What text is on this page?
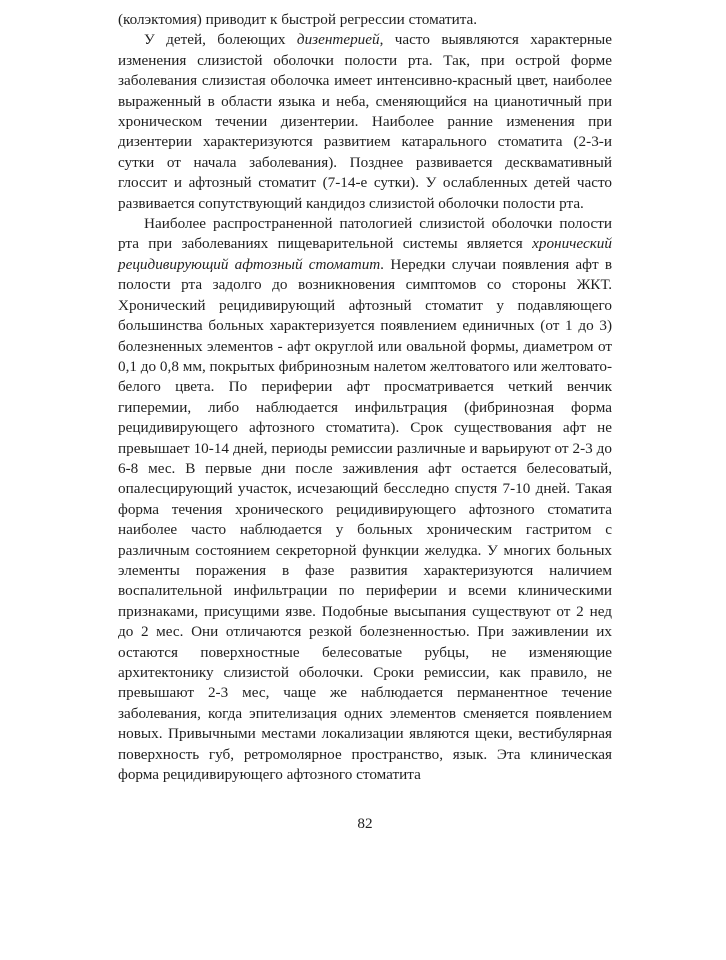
(колэктомия) приводит к быстрой регрессии стоматита.

У детей, болеющих дизентерией, часто выявляются характерные изменения слизистой оболочки полости рта. Так, при острой форме заболевания слизистая оболочка имеет интенсивно-красный цвет, наиболее выраженный в области языка и неба, сменяющийся на цианотичный при хроническом течении дизентерии. Наиболее ранние изменения при дизентерии характеризуются развитием катарального стоматита (2-3-и сутки от начала заболевания). Позднее развивается десквамативный глоссит и афтозный стоматит (7-14-е сутки). У ослабленных детей часто развивается сопутствующий кандидоз слизистой оболочки полости рта.

Наиболее распространенной патологией слизистой оболочки полости рта при заболеваниях пищеварительной системы является хронический рецидивирующий афтозный стоматит. Нередки случаи появления афт в полости рта задолго до возникновения симптомов со стороны ЖКТ. Хронический рецидивирующий афтозный стоматит у подавляющего большинства больных характеризуется появлением единичных (от 1 до 3) болезненных элементов - афт округлой или овальной формы, диаметром от 0,1 до 0,8 мм, покрытых фибринозным налетом желтоватого или желтовато-белого цвета. По периферии афт просматривается четкий венчик гиперемии, либо наблюдается инфильтрация (фибринозная форма рецидивирующего афтозного стоматита). Срок существования афт не превышает 10-14 дней, периоды ремиссии различные и варьируют от 2-3 до 6-8 мес. В первые дни после заживления афт остается белесоватый, опалесцирующий участок, исчезающий бесследно спустя 7-10 дней. Такая форма течения хронического рецидивирующего афтозного стоматита наиболее часто наблюдается у больных хроническим гастритом с различным состоянием секреторной функции желудка. У многих больных элементы поражения в фазе развития характеризуются наличием воспалительной инфильтрации по периферии и всеми клиническими признаками, присущими язве. Подобные высыпания существуют от 2 нед до 2 мес. Они отличаются резкой болезненностью. При заживлении их остаются поверхностные белесоватые рубцы, не изменяющие архитектонику слизистой оболочки. Сроки ремиссии, как правило, не превышают 2-3 мес, чаще же наблюдается перманентное течение заболевания, когда эпителизация одних элементов сменяется появлением новых. Привычными местами локализации являются щеки, вестибулярная поверхность губ, ретромолярное пространство, язык. Эта клиническая форма рецидивирующего афтозного стоматита

82
